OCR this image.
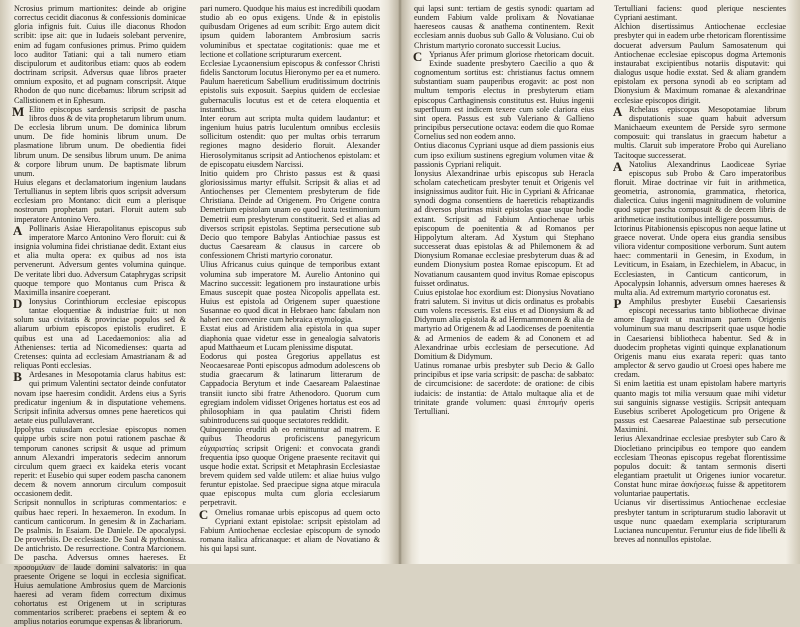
Ncrosius primum martionites: deinde ab origine correctus cecidit diaconus & confessionis dominicae gloria infignis fuit. Cuius ille diaconus Rhodon scribit: ipse ait: que in Iudaeis solebant pervenire, enim ad fugam confusiones primus. Primo quidem loco auditor Tatiani: qui a tali numero etiam discipulorum et auditoribus etiam: quos ab eodem doctrinam scripsit. Adversus quae libros praeter omnium exposito, et ad pugnam conscripsit. Atque Rhodon de quo nunc dicebamus: librum scripsit ad Callistionem et in Ephesum.

M Elito episcopus sardensis scripsit de pascha libros duos & de vita prophetarum librum unum. De ecclesia librum unum. De dominica librum unum. De fide hominis librum unum. De plasmatione librum unum. De obedientia fidei librum unum. De sensibus librum unum. De anima & corpore librum unum. De baptismate librum unum.

Huius elegans et declamatorium ingenium laudans Tertullianus in septem libris quos scripsit adversum ecclesiam pro Montano: dicit eum a plerisque nostrorum prophetam putari. Floruit autem sub imperatore Antonino Vero.

A Pollinaris Asiae Hierapolitanus episcopus sub imperatore Marco Antonino Vero floruit: cui & insignia volumina fidei christianae dedit. Extant eius et alia multa opera: ex quibus ad nos ista pervenerunt. Adversum gentes volumina quinque. De veritate libri duo. Adversum Cataphrygas scripsit quoque tempore quo Montanus cum Prisca & Maximilla insanire coeperant.

D Ionysius Corinthiorum ecclesiae episcopus tantae eloquentiae & industriae fuit: ut non solum sua civitatis & provinciae populos sed & aliarum urbium episcopos epistolis erudiret. E quibus est una ad Lacedaemonios: alia ad Athenienses: tertia ad Nicomedienses: quarta ad Cretenses: quinta ad ecclesiam Amastrianam & ad reliquas Ponti ecclesias.

B Ardesanes in Mesopotamia clarus habitus est: qui primum Valentini sectator deinde confutator novam ipse haeresim condidit. Ardens eius a Syris predicatur ingenium & in disputatione vehemens. Scripsit infinita adversus omnes pene haereticos qui aetate eius pullulaverant.

Ippolytus cuiusdam ecclesiae episcopus nomen quippe urbis scire non potui rationem paschae & temporum canones scripsit & usque ad primum annum Alexandri imperatoris sedecim annorum circulum quem graeci ex kaideka eteris vocant reperit: et Eusebio qui super eodem pascha canonem decem & novem annorum circulum composuit occasionem dedit.

Scripsit nonnullos in scripturas commentarios: e quibus haec reperi. In hexaemeron. In exodum. In canticum canticorum. In genesim & in Zachariam. De psalmis. In Esaiam. De Daniele. De apocalypsi. De proverbiis. De ecclesiaste. De Saul & pythonissa. De antichristo. De resurrectione. Contra Marcionem. De pascha. Adversus omnes haereses. Et προσομιλιαν de laude domini salvatoris: in qua praesente Origene se loqui in ecclesia significat. Huius aemulatione Ambrosius quem de Marcionis haeresi ad veram fidem correctum diximus cohortatus est Origenem ut in scripturas commentarios scriberet: praebens ei septem & eo amplius notarios eorumque expensas & librariorum.

pari numero. Quodque his maius est incredibili quodam studio ab eo opus exigens. Unde & in epistolis quibusdam Origenes ad eum scribit: Ergo autem dicit ipsum quidem laborantem Ambrosium sacris voluminibus et spectatae cogitationis: quae me et lectione et collatione scripturarum exercent.

Ecclesiae Lycaonensium episcopus & confessor Christi fidelis Sanctorum locutus Hieronymo per ea et numero. Paulum haereticum Sabellium eruditissimum doctrinis epistolis suis exposuit. Saepius quidem de ecclesiae gubernaculis locutus est et de cetera eloquentia et instantibus.

Inter eorum aut scripta multa quidem laudantur: et ingenium huius patris luculentum omnibus ecclesiis sollicitum ostendit: quo per multas orbis terrarum regiones magno desiderio floruit. Alexander Hierosolymitanus scripsit ad Antiochenos epistolam: et de episcopatu eiusdem Narcissi.

Initio quidem pro Christo passus est & quasi gloriosissimus martyr effulsit. Scripsit & alias et ad Antiochenses per Clementem presbyterum de fide Christiana. Deinde ad Origenem. Pro Origene contra Demetrium epistolam unam eo quod iuxta testimonium Demetrii eum presbyterum constituerit. Sed et alias ad diversos scripsit epistolas. Septima persecutione sub Decio quo tempore Babylas Antiochiae passus est ductus Caesaream & clausus in carcere ob confessionem Christi martyrio coronatur.

Ulius Africanus cuius quinque de temporibus extant volumina sub imperatore M. Aurelio Antonino qui Macrino successit: legationem pro instauratione urbis Emaus suscepit quae postea Nicopolis appellata est. Huius est epistola ad Origenem super quaestione Susannae eo quod dicat in Hebraeo hanc fabulam non haberi nec convenire cum hebraica etymologia.

Exstat eius ad Aristidem alia epistola in qua super diaphonia quae videtur esse in genealogia salvatoris apud Matthaeum et Lucam plenissime disputat.

Eodorus qui postea Gregorius appellatus est Neocaesareae Ponti episcopus admodum adolescens ob studia graecarum & latinarum litterarum de Cappadocia Berytum et inde Caesaream Palaestinae transiit iuncto sibi fratre Athenodoro. Quorum cum egregiam indolem vidisset Origenes hortatus est eos ad philosophiam in qua paulatim Christi fidem subintroducens sui quoque sectatores reddidit.

Quinquennio eruditi ab eo remittuntur ad matrem. E quibus Theodorus proficiscens panegyricum εὐχαριστίας scripsit Origeni: et convocata grandi frequentia ipso quoque Origene praesente recitavit qui usque hodie extat. Scripsit et Metaphrasin Ecclesiastae brevem quidem sed valde utilem: et aliae huius vulgo feruntur epistolae. Sed praecipue signa atque miracula quae episcopus multa cum gloria ecclesiarum perpetravit.

C Ornelius romanae urbis episcopus ad quem octo Cypriani extant epistolae: scripsit epistolam ad Fabium Antiochenae ecclesiae episcopum de synodo romana italica africanaque: et aliam de Novatiano & his qui lapsi sunt.

qui lapsi sunt: tertiam de gestis synodi: quartam ad eundem Fabium valde prolixam & Novatianae haereseos causas & anathema continentem. Rexit ecclesiam annis duobus sub Gallo & Volusiano. Cui ob Christum martyrio coronato successit Lucius.

C Yprianus Afer primum gloriose rhetoricam docuit. Exinde suadente presbytero Caecilio a quo & cognomentum sortitus est: christianus factus omnem substantiam suam pauperibus erogavit: ac post non multum temporis electus in presbyterum etiam episcopus Carthaginensis constitutus est. Huius ingenii superfluum est indicem texere cum sole clariora eius sint opera. Passus est sub Valeriano & Gallieno principibus persecutione octava: eodem die quo Romae Cornelius sed non eodem anno.

Ontius diaconus Cypriani usque ad diem passionis eius cum ipso exilium sustinens egregium volumen vitae & passionis Cypriani reliquit.

Ionysius Alexandrinae urbis episcopus sub Heracla scholam catecheticam presbyter tenuit et Origenis vel insignissimus auditor fuit. Hic in Cypriani & Africanae synodi dogma consentiens de haereticis rebaptizandis ad diversos plurimas misit epistolas quae usque hodie extant. Scripsit ad Fabium Antiochenae urbis episcopum de poenitentia & ad Romanos per Hippolytum alteram. Ad Xystum qui Stephano successerat duas epistolas & ad Philemonem & ad Dionysium Romanae ecclesiae presbyterum duas & ad eundem Dionysium postea Romae episcopum. Et ad Novatianum causantem quod invitus Romae episcopus fuisset ordinatus.

Cuius epistolae hoc exordium est: Dionysius Novatiano fratri salutem. Si invitus ut dicis ordinatus es probabis cum volens recesseris. Est eius et ad Dionysium & ad Didymum alia epistola & ad Hermammonem & alia de martyrio ad Origenem & ad Laodicenses de poenitentia & ad Armenios de eadem & ad Cononem et ad Alexandrinae urbis ecclesiam de persecutione. Ad Domitium & Didymum.

Uatinus romanae urbis presbyter sub Decio & Gallo principibus et ipse varia scripsit: de pascha: de sabbato: de circumcisione: de sacerdote: de oratione: de cibis iudaicis: de instantia: de Attalo multaque alia et de trinitate grande volumen: quasi ἐπιτομήν operis Tertulliani.

Tertulliani faciens: quod plerique nescientes Cypriani aestimant.

Alchion disertissimus Antiochenae ecclesiae presbyter qui in eadem urbe rhetoricam florentissime docuerat adversum Paulum Samosatenum qui Antiochenae ecclesiae episcopus dogma Artemonis instaurabat excipientibus notariis disputavit: qui dialogus usque hodie exstat. Sed & aliam grandem epistolam ex persona synodi ab eo scriptam ad Dionysium & Maximum romanae & alexandrinae ecclesiae episcopos dirigit.

A Rchelaus episcopus Mesopotamiae librum disputationis suae quam habuit adversum Manichaeum exeuntem de Perside syro sermone composuit: qui translatus in graecum habetur a multis. Claruit sub imperatore Probo qui Aureliano Tacitoque successerat.

A Natolius Alexandrinus Laodiceae Syriae episcopus sub Probo & Caro imperatoribus floruit. Mirae doctrinae vir fuit in arithmetica, geometria, astronomia, grammatica, rhetorica, dialectica. Cuius ingenii magnitudinem de volumine quod super pascha composuit & de decem libris de arithmeticae institutionibus intelligere possumus.

Ictorinus Pitabionensis episcopus non aeque latine ut graece noverat. Unde opera eius grandia sensibus viliora videntur compositione verborum. Sunt autem haec: commentarii in Genesim, in Exodum, in Leviticum, in Esaiam, in Ezechielem, in Abacuc, in Ecclesiasten, in Canticum canticorum, in Apocalypsin Iohannis, adversum omnes haereses & multa alia. Ad extremum martyrio coronatus est.

P Amphilus presbyter Eusebii Caesariensis episcopi necessarius tanto bibliothecae divinae amore flagravit ut maximam partem Origenis voluminum sua manu descripserit quae usque hodie in Caesariensi bibliotheca habentur. Sed & in duodecim prophetas viginti quinque explanationum Origenis manu eius exarata reperi: quas tanto amplector & servo gaudio ut Croesi opes habere me credam.

Si enim laetitia est unam epistolam habere martyris quanto magis tot milia versuum quae mihi videtur sui sanguinis signasse vestigiis. Scripsit antequam Eusebius scriberet Apologeticum pro Origene & passus est Caesareae Palaestinae sub persecutione Maximini.

Ierius Alexandrinae ecclesiae presbyter sub Caro & Diocletiano principibus eo tempore quo eandem ecclesiam Theonas episcopus regebat florentissime populos docuit: & tantam sermonis diserti elegantiam praetulit ut Origenes iunior vocaretur. Constat hunc mirae ἀσκήσεως fuisse & appetitorem voluntariae paupertatis.

Ucianus vir disertissimus Antiochenae ecclesiae presbyter tantum in scripturarum studio laboravit ut usque nunc quaedam exemplaria scripturarum Lucianea nuncupentur. Feruntur eius de fide libelli & breves ad nonnullos epistolae.
